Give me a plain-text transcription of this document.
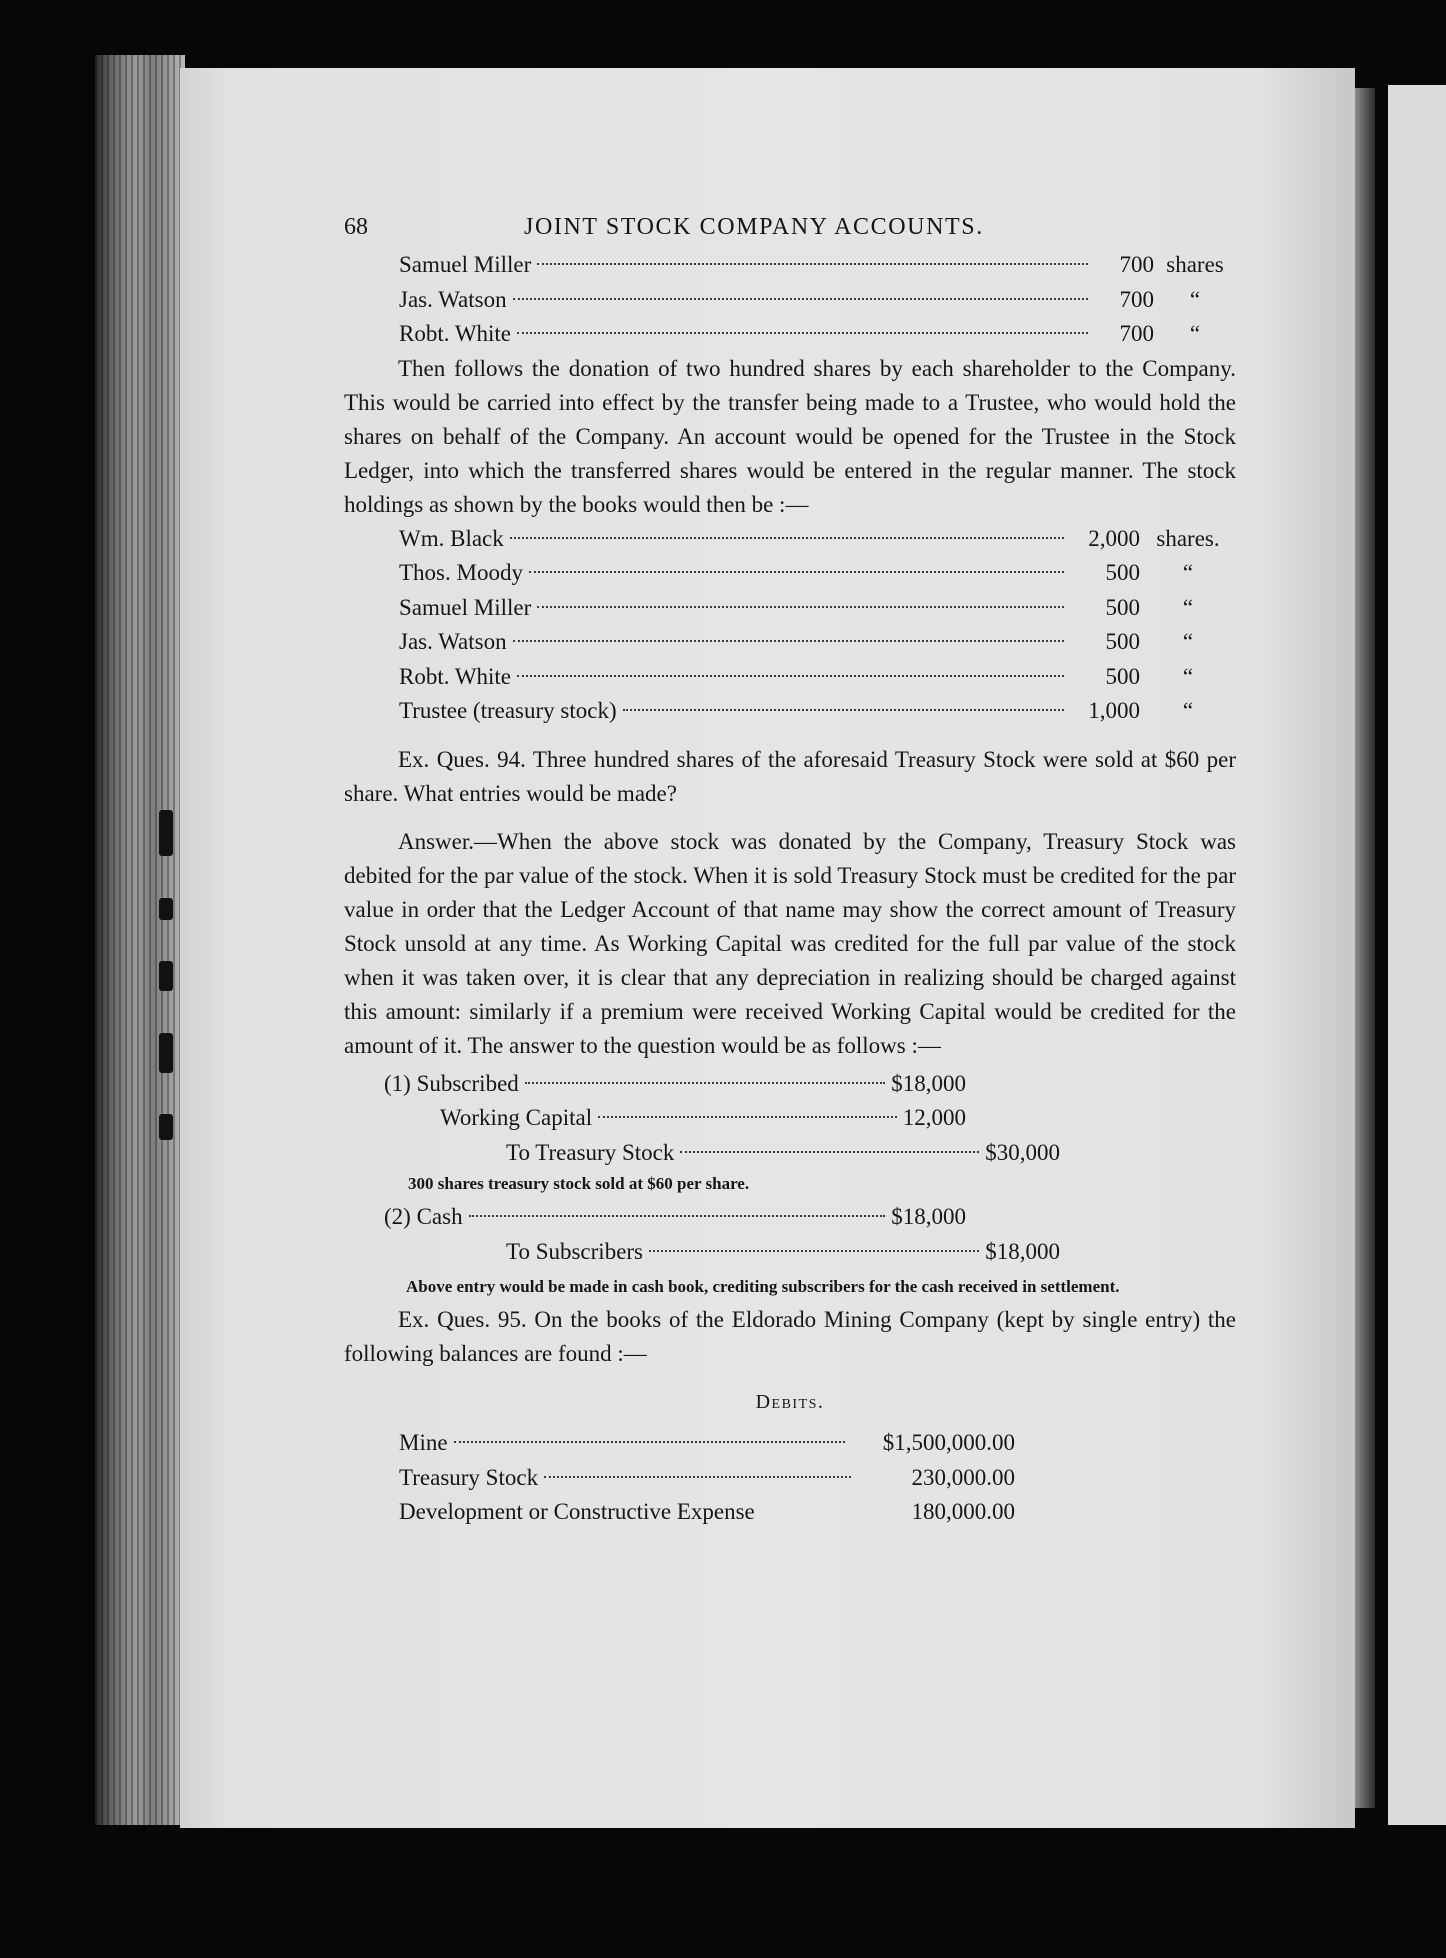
68	JOINT STOCK COMPANY ACCOUNTS.
Samuel Miller	700 shares
Jas. Watson	700	“
Robt. White	700	“

Then follows the donation of two hundred shares by each shareholder to the Company. This would be carried into effect by the transfer being made to a Trustee, who would hold the shares on behalf of the Company. An account would be opened for the Trustee in the Stock Ledger, into which the transferred shares would be entered in the regular manner. The stock holdings as shown by the books would then be :—

Wm. Black	2,000 shares.
Thos. Moody	500	“
Samuel Miller	500	“
Jas. Watson	500	“
Robt. White	500	“
Trustee (treasury stock)	1,000	“

Ex. Ques. 94. Three hundred shares of the aforesaid Treasury Stock were sold at $60 per share. What entries would be made?

Answer.—When the above stock was donated by the Company, Treasury Stock was debited for the par value of the stock. When it is sold Treasury Stock must be credited for the par value in order that the Ledger Account of that name may show the correct amount of Treasury Stock unsold at any time. As Working Capital was credited for the full par value of the stock when it was taken over, it is clear that any depreciation in realizing should be charged against this amount: similarly if a premium were received Working Capital would be credited for the amount of it. The answer to the question would be as follows :—

(1) Subscribed	$18,000
Working Capital	12,000
To Treasury Stock	$30,000

300 shares treasury stock sold at $60 per share.

(2) Cash	$18,000
To Subscribers	$18,000

Above entry would be made in cash book, crediting subscribers for the cash received in settlement.

Ex. Ques. 95. On the books of the Eldorado Mining Company (kept by single entry) the following balances are found :—

Debits.
Mine	$1,500,000.00
Treasury Stock	230,000.00
Development or Constructive Expense	180,000.00
